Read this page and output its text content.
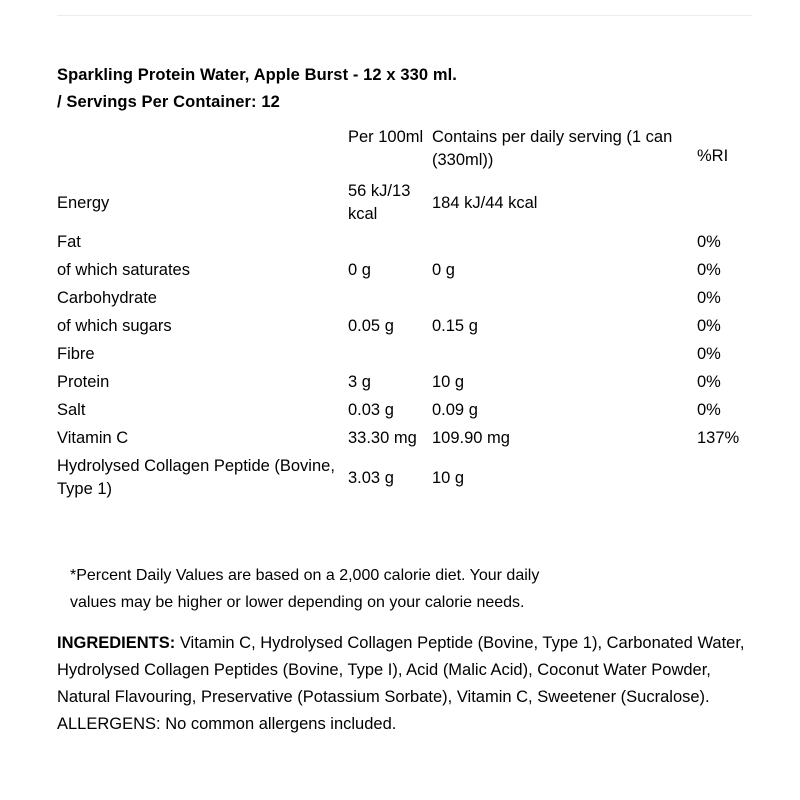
Sparkling Protein Water, Apple Burst - 12 x 330 ml.
/ Servings Per Container: 12
	Per 100ml	Contains per daily serving (1 can (330ml))	%RI

Energy	56 kJ/13 kcal	184 kJ/44 kcal	

Fat			0%

of which saturates	0 g	0 g	0%

Carbohydrate			0%

of which sugars	0.05 g	0.15 g	0%

Fibre			0%

Protein	3 g	10 g	0%

Salt	0.03 g	0.09 g	0%

Vitamin C	33.30 mg	109.90 mg	137%

Hydrolysed Collagen Peptide (Bovine, Type 1)	3.03 g	10 g	
*Percent Daily Values are based on a 2,000 calorie diet. Your daily
values may be higher or lower depending on your calorie needs.
INGREDIENTS: Vitamin C, Hydrolysed Collagen Peptide (Bovine, Type 1), Carbonated Water, Hydrolysed Collagen Peptides (Bovine, Type I), Acid (Malic Acid), Coconut Water Powder, Natural Flavouring, Preservative (Potassium Sorbate), Vitamin C, Sweetener (Sucralose). ALLERGENS: No common allergens included.
